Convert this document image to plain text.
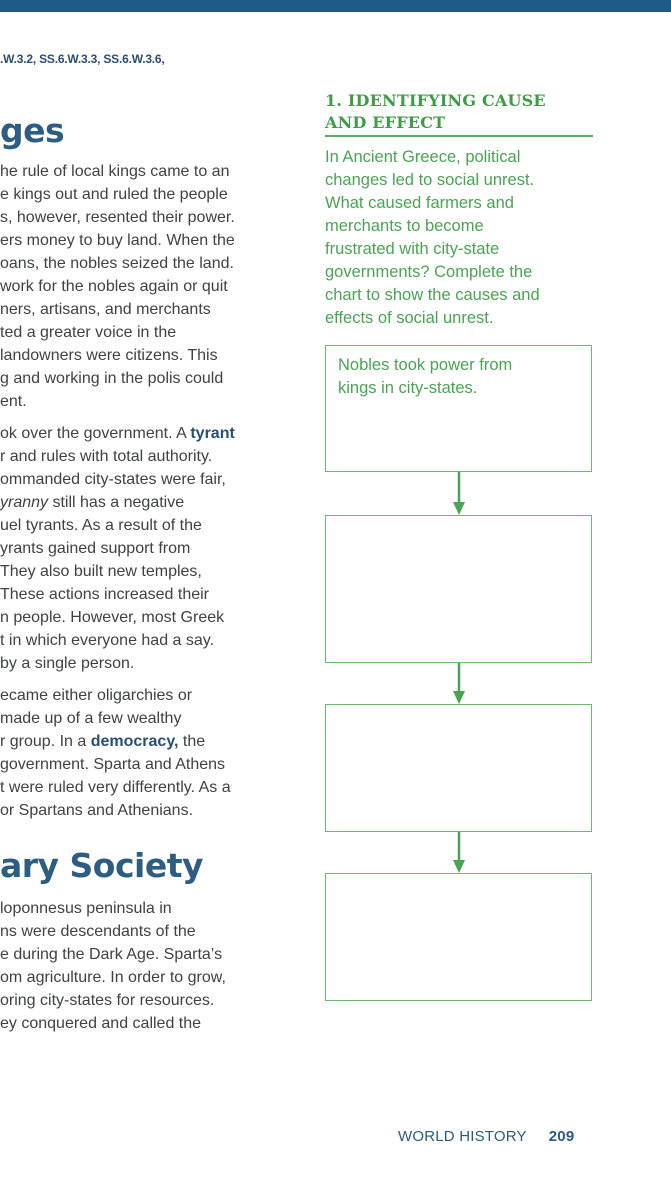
.W.3.2, SS.6.W.3.3, SS.6.W.3.6,
ges
he rule of local kings came to an
e kings out and ruled the people
s, however, resented their power.
ers money to buy land. When the
oans, the nobles seized the land.
work for the nobles again or quit
ners, artisans, and merchants
ted a greater voice in the
landowners were citizens. This
g and working in the polis could
ent.
ok over the government. A tyrant
r and rules with total authority.
ommanded city-states were fair,
yranny still has a negative
uel tyrants. As a result of the
yrants gained support from
They also built new temples,
These actions increased their
n people. However, most Greek
t in which everyone had a say.
by a single person.
ecame either oligarchies or
made up of a few wealthy
r group. In a democracy, the
government. Sparta and Athens
t were ruled very differently. As a
or Spartans and Athenians.
ary Society
loponnesus peninsula in
ns were descendants of the
e during the Dark Age. Sparta’s
om agriculture. In order to grow,
oring city-states for resources.
ey conquered and called the
1. IDENTIFYING CAUSE
AND EFFECT
In Ancient Greece, political
changes led to social unrest.
What caused farmers and
merchants to become
frustrated with city-state
governments? Complete the
chart to show the causes and
effects of social unrest.
Nobles took power from
kings in city-states.
WORLD HISTORY 209
